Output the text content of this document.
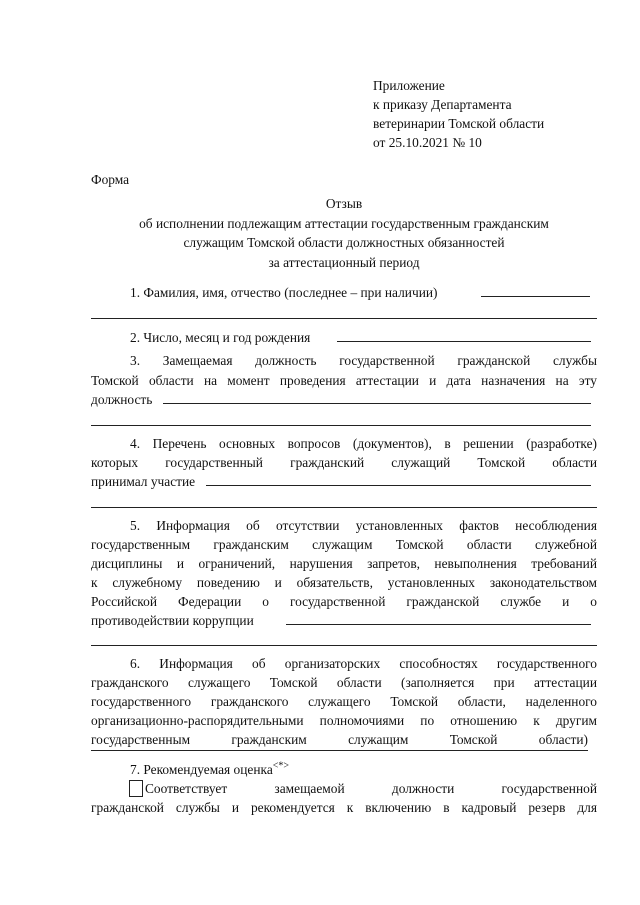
Приложение
к приказу Департамента
ветеринарии Томской области
от 25.10.2021 № 10
Форма
Отзыв
об исполнении подлежащим аттестации государственным гражданским
служащим Томской области должностных обязанностей
за аттестационный период
1. Фамилия, имя, отчество (последнее – при наличии)
2. Число, месяц и год рождения
3. Замещаемая должность государственной гражданской службы
Томской области на момент проведения аттестации и дата назначения на эту
должность
4. Перечень основных вопросов (документов), в решении (разработке)
которых государственный гражданский служащий Томской области
принимал участие
5. Информация об отсутствии установленных фактов несоблюдения
государственным гражданским служащим Томской области служебной
дисциплины и ограничений, нарушения запретов, невыполнения требований
к служебному поведению и обязательств, установленных законодательством
Российской Федерации о государственной гражданской службе и о
противодействии коррупции
6. Информация об организаторских способностях государственного
гражданского служащего Томской области (заполняется при аттестации
государственного гражданского служащего Томской области, наделенного
организационно-распорядительными полномочиями по отношению к другим
государственным гражданским служащим Томской области)
7. Рекомендуемая оценка<*>
Соответствует замещаемой должности государственной
гражданской службы и рекомендуется к включению в кадровый резерв для
